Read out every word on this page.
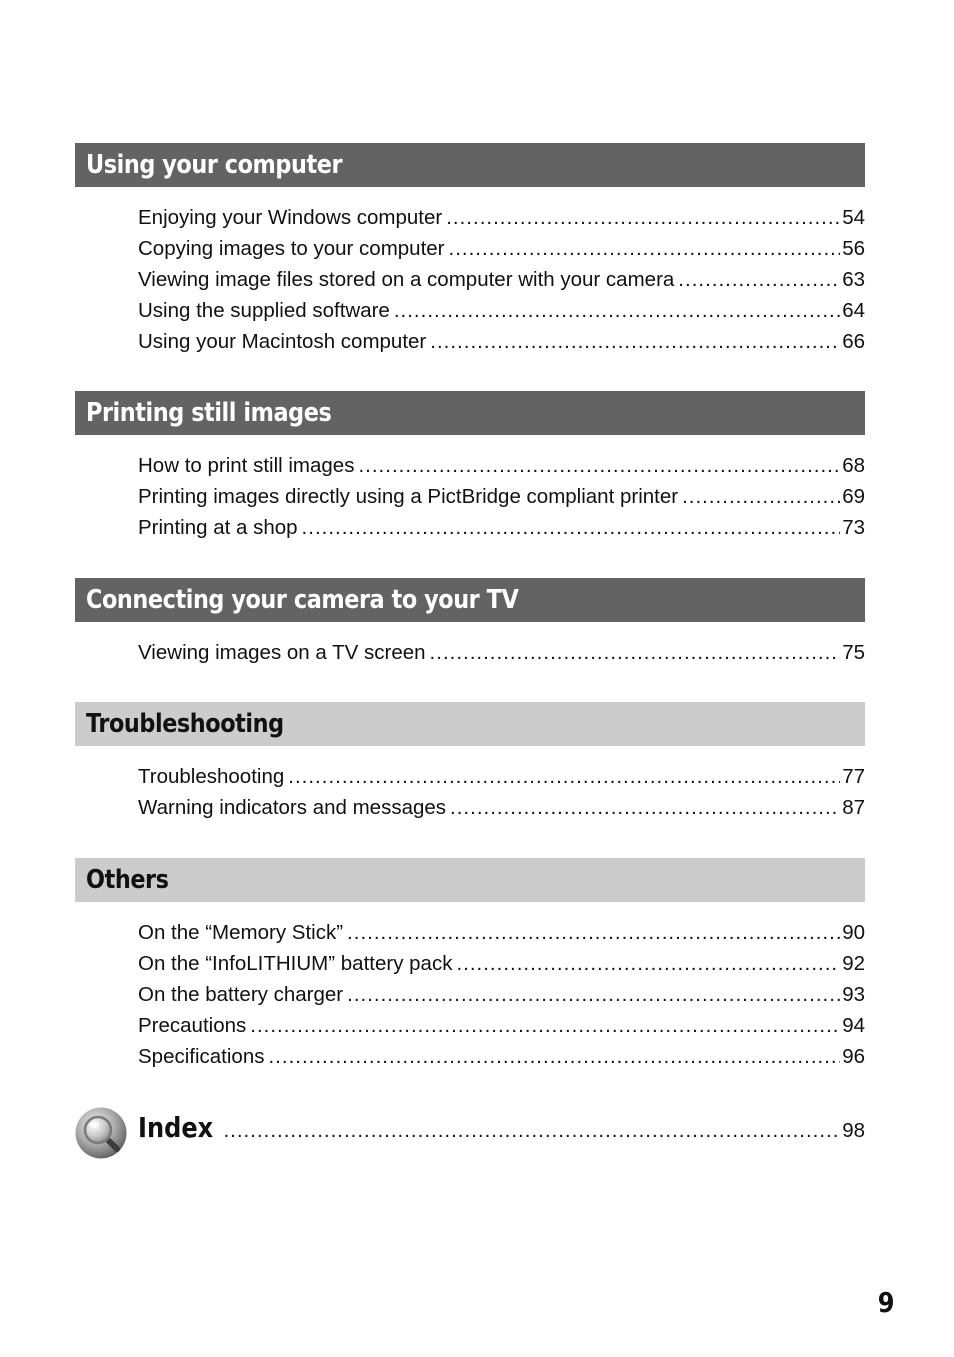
Using your computer
Enjoying your Windows computer .....	54
Copying images to your computer .....	56
Viewing image files stored on a computer with your camera .....	63
Using the supplied software .....	64
Using your Macintosh computer .....	66
Printing still images
How to print still images .....	68
Printing images directly using a PictBridge compliant printer .....	69
Printing at a shop .....	73
Connecting your camera to your TV
Viewing images on a TV screen .....	75
Troubleshooting
Troubleshooting .....	77
Warning indicators and messages .....	87
Others
On the “Memory Stick” .....	90
On the “InfoLITHIUM” battery pack .....	92
On the battery charger .....	93
Precautions .....	94
Specifications .....	96
Index .....	98
9
